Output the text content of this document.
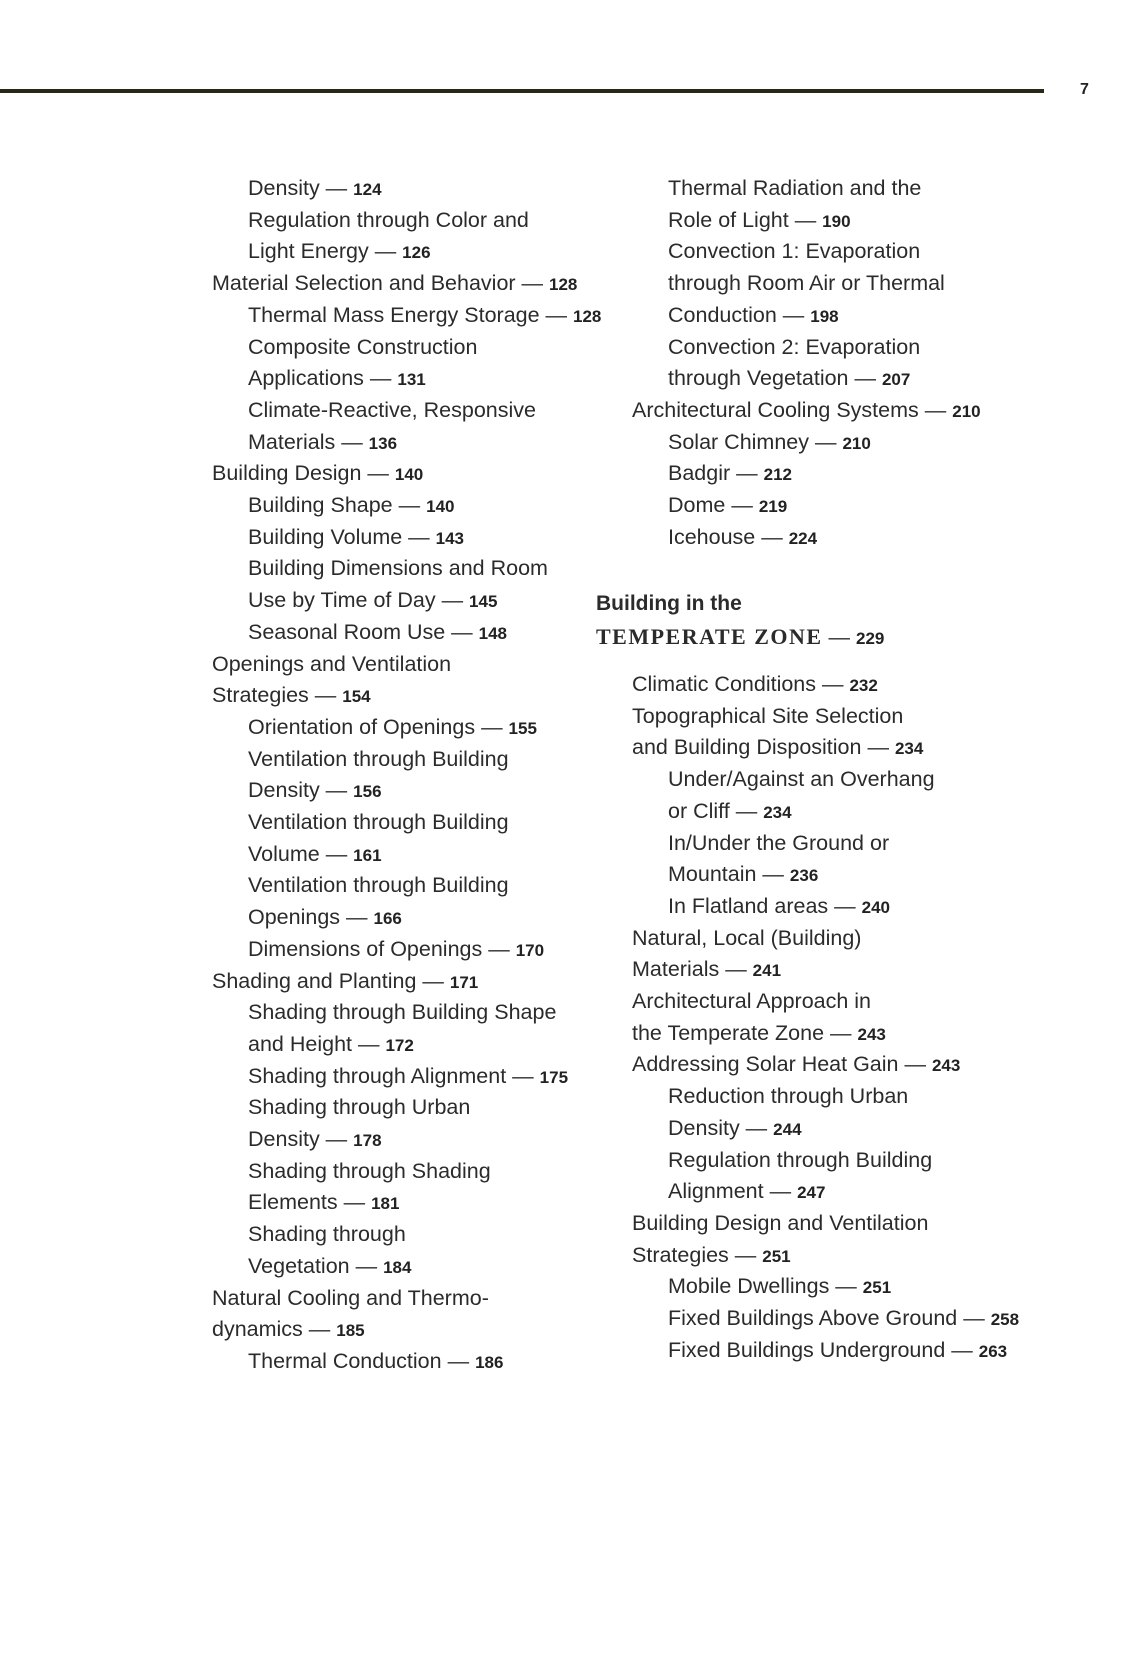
7
Density — 124
Regulation through Color and
Light Energy — 126
Material Selection and Behavior — 128
Thermal Mass Energy Storage — 128
Composite Construction
Applications — 131
Climate-Reactive, Responsive
Materials — 136
Building Design — 140
Building Shape — 140
Building Volume — 143
Building Dimensions and Room
Use by Time of Day — 145
Seasonal Room Use — 148
Openings and Ventilation
Strategies — 154
Orientation of Openings — 155
Ventilation through Building
Density — 156
Ventilation through Building
Volume — 161
Ventilation through Building
Openings — 166
Dimensions of Openings — 170
Shading and Planting — 171
Shading through Building Shape
and Height — 172
Shading through Alignment — 175
Shading through Urban
Density — 178
Shading through Shading
Elements — 181
Shading through
Vegetation — 184
Natural Cooling and Thermo-
dynamics — 185
Thermal Conduction — 186
Thermal Radiation and the
Role of Light — 190
Convection 1: Evaporation
through Room Air or Thermal
Conduction — 198
Convection 2: Evaporation
through Vegetation — 207
Architectural Cooling Systems — 210
Solar Chimney — 210
Badgir — 212
Dome — 219
Icehouse — 224
Building in the
TEMPERATE ZONE — 229
Climatic Conditions — 232
Topographical Site Selection
and Building Disposition — 234
Under/Against an Overhang
or Cliff — 234
In/Under the Ground or
Mountain — 236
In Flatland areas — 240
Natural, Local (Building)
Materials — 241
Architectural Approach in
the Temperate Zone — 243
Addressing Solar Heat Gain — 243
Reduction through Urban
Density — 244
Regulation through Building
Alignment — 247
Building Design and Ventilation
Strategies — 251
Mobile Dwellings — 251
Fixed Buildings Above Ground — 258
Fixed Buildings Underground — 263
